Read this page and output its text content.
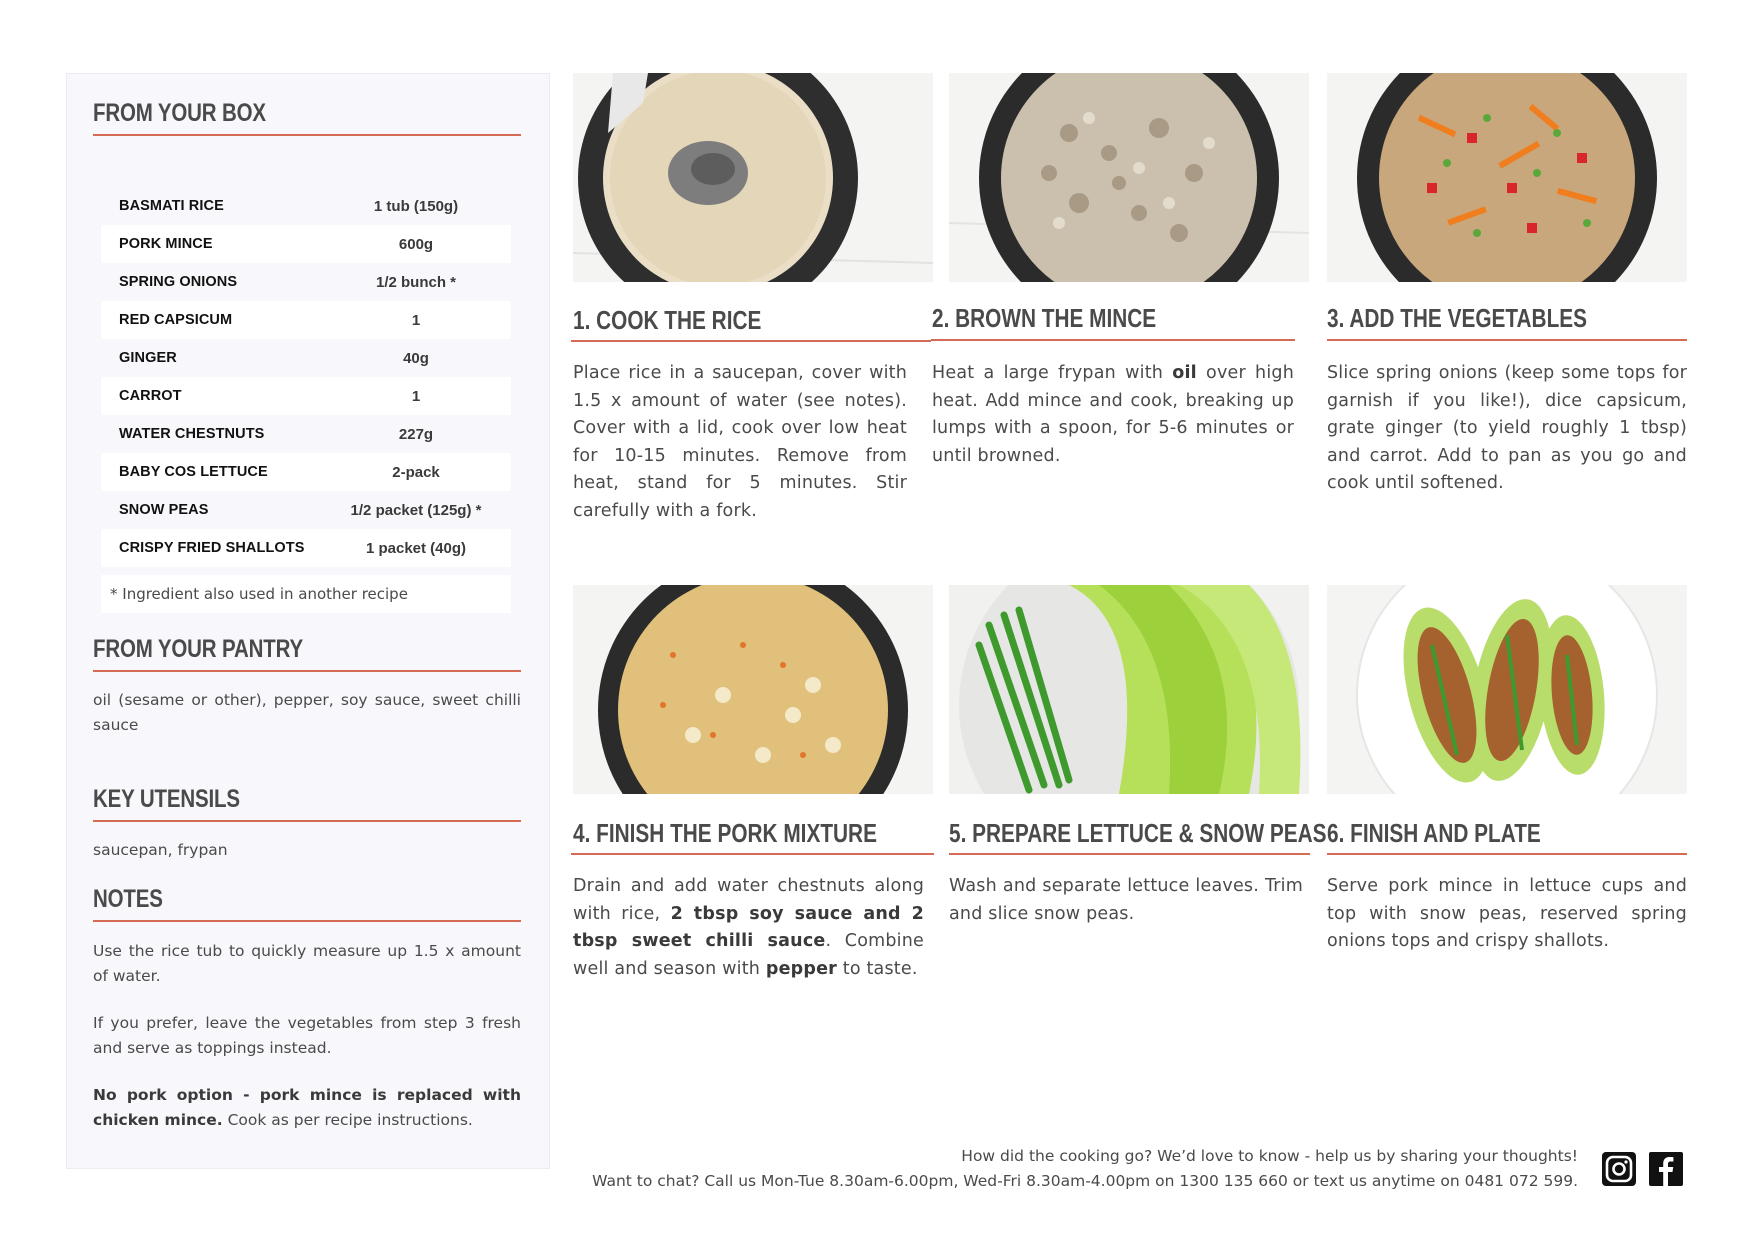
FROM YOUR BOX
BASMATI RICE	1 tub (150g)
PORK MINCE	600g
SPRING ONIONS	1/2 bunch *
RED CAPSICUM	1
GINGER	40g
CARROT	1
WATER CHESTNUTS	227g
BABY COS LETTUCE	2-pack
SNOW PEAS	1/2 packet (125g) *
CRISPY FRIED SHALLOTS	1 packet (40g)
* Ingredient also used in another recipe
FROM YOUR PANTRY
oil (sesame or other), pepper, soy sauce, sweet chilli sauce
KEY UTENSILS
saucepan, frypan
NOTES
Use the rice tub to quickly measure up 1.5 x amount of water.
If you prefer, leave the vegetables from step 3 fresh and serve as toppings instead.
No pork option - pork mince is replaced with chicken mince. Cook as per recipe instructions.
1. COOK THE RICE
Place rice in a saucepan, cover with 1.5 x amount of water (see notes). Cover with a lid, cook over low heat for 10-15 minutes. Remove from heat, stand for 5 minutes. Stir carefully with a fork.
2. BROWN THE MINCE
Heat a large frypan with oil over high heat. Add mince and cook, breaking up lumps with a spoon, for 5-6 minutes or until browned.
3. ADD THE VEGETABLES
Slice spring onions (keep some tops for garnish if you like!), dice capsicum, grate ginger (to yield roughly 1 tbsp) and carrot. Add to pan as you go and cook until softened.
4. FINISH THE PORK MIXTURE
Drain and add water chestnuts along with rice, 2 tbsp soy sauce and 2 tbsp sweet chilli sauce. Combine well and season with pepper to taste.
5. PREPARE LETTUCE & SNOW PEAS
Wash and separate lettuce leaves. Trim and slice snow peas.
6. FINISH AND PLATE
Serve pork mince in lettuce cups and top with snow peas, reserved spring onions tops and crispy shallots.
How did the cooking go? We’d love to know - help us by sharing your thoughts!
Want to chat? Call us Mon-Tue 8.30am-6.00pm, Wed-Fri 8.30am-4.00pm on 1300 135 660 or text us anytime on 0481 072 599.
